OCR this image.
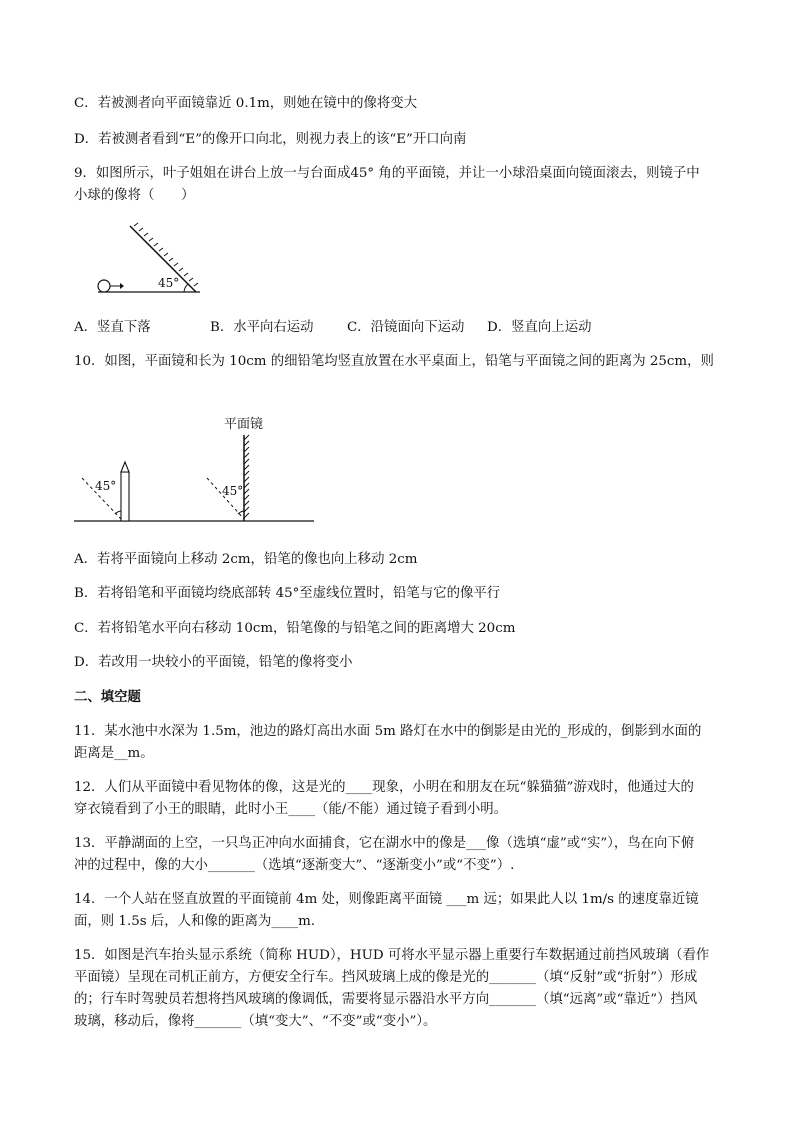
C．若被测者向平面镜靠近 0.1m，则她在镜中的像将变大
D．若被测者看到“E”的像开口向北，则视力表上的该“E”开口向南
9．如图所示，叶子姐姐在讲台上放一与台面成45° 角的平面镜，并让一小球沿桌面向镜面滚去，则镜子中
小球的像将（　　）
45°
A．竖直下落	B．水平向右运动 C．沿镜面向下运动 D．竖直向上运动
10．如图，平面镜和长为 10cm 的细铅笔均竖直放置在水平桌面上，铅笔与平面镜之间的距离为 25cm，则
45°	45°
平面镜
A．若将平面镜向上移动 2cm，铅笔的像也向上移动 2cm
B．若将铅笔和平面镜均绕底部转 45°至虚线位置时，铅笔与它的像平行
C．若将铅笔水平向右移动 10cm，铅笔像的与铅笔之间的距离增大 20cm
D．若改用一块较小的平面镜，铅笔的像将变小
二、填空题
11．某水池中水深为 1.5m，池边的路灯高出水面 5m 路灯在水中的倒影是由光的_形成的，倒影到水面的
距离是__m。
12．人们从平面镜中看见物体的像，这是光的____现象，小明在和朋友在玩“躲猫猫”游戏时，他通过大的
穿衣镜看到了小王的眼睛，此时小王____（能/不能）通过镜子看到小明。
13．平静湖面的上空，一只鸟正冲向水面捕食，它在湖水中的像是___像（选填“虚”或“实”），鸟在向下俯
冲的过程中，像的大小_______（选填“逐渐变大”、“逐渐变小”或“不变”）.
14．一个人站在竖直放置的平面镜前 4m 处，则像距离平面镜 ___m 远；如果此人以 1m/s 的速度靠近镜
面，则 1.5s 后，人和像的距离为____m．
15．如图是汽车抬头显示系统（简称 HUD），HUD 可将水平显示器上重要行车数据通过前挡风玻璃（看作
平面镜）呈现在司机正前方，方便安全行车。挡风玻璃上成的像是光的_______（填“反射”或“折射”）形成
的；行车时驾驶员若想将挡风玻璃的像调低，需要将显示器沿水平方向_______（填“远离”或“靠近”）挡风
玻璃，移动后，像将_______（填“变大”、“不变”或“变小”）。
